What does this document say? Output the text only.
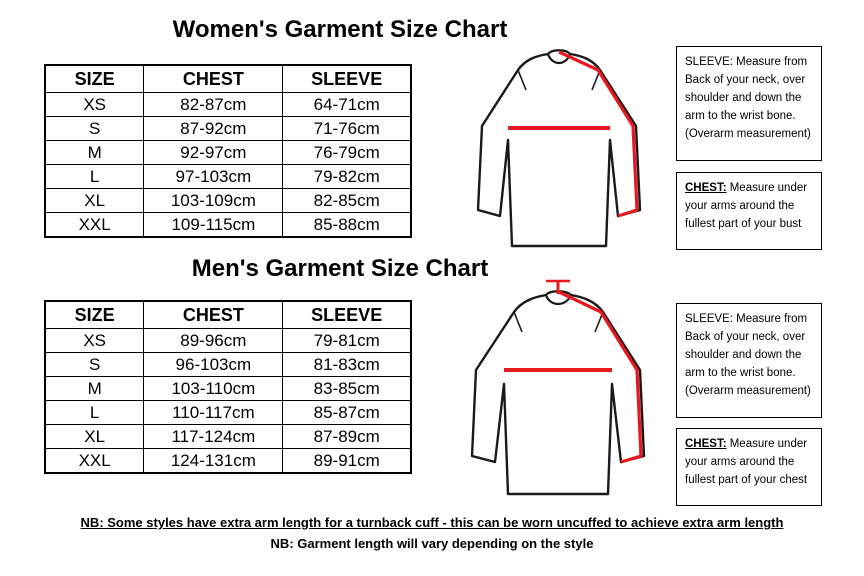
Women's Garment Size Chart
SIZE	CHEST	SLEEVE
XS	82-87cm	64-71cm
S	87-92cm	71-76cm
M	92-97cm	76-79cm
L	97-103cm	79-82cm
XL	103-109cm	82-85cm
XXL	109-115cm	85-88cm
SLEEVE: Measure from
Back of your neck, over
shoulder and down the
arm to the wrist bone.
(Overarm measurement)
CHEST: Measure under
your arms around the
fullest part of your bust
Men's Garment Size Chart
SIZE	CHEST	SLEEVE
XS	89-96cm	79-81cm
S	96-103cm	81-83cm
M	103-110cm	83-85cm
L	110-117cm	85-87cm
XL	117-124cm	87-89cm
XXL	124-131cm	89-91cm
SLEEVE: Measure from
Back of your neck, over
shoulder and down the
arm to the wrist bone.
(Overarm measurement)
CHEST: Measure under
your arms around the
fullest part of your chest
NB: Some styles have extra arm length for a turnback cuff - this can be worn uncuffed to achieve extra arm length
NB: Garment length will vary depending on the style
